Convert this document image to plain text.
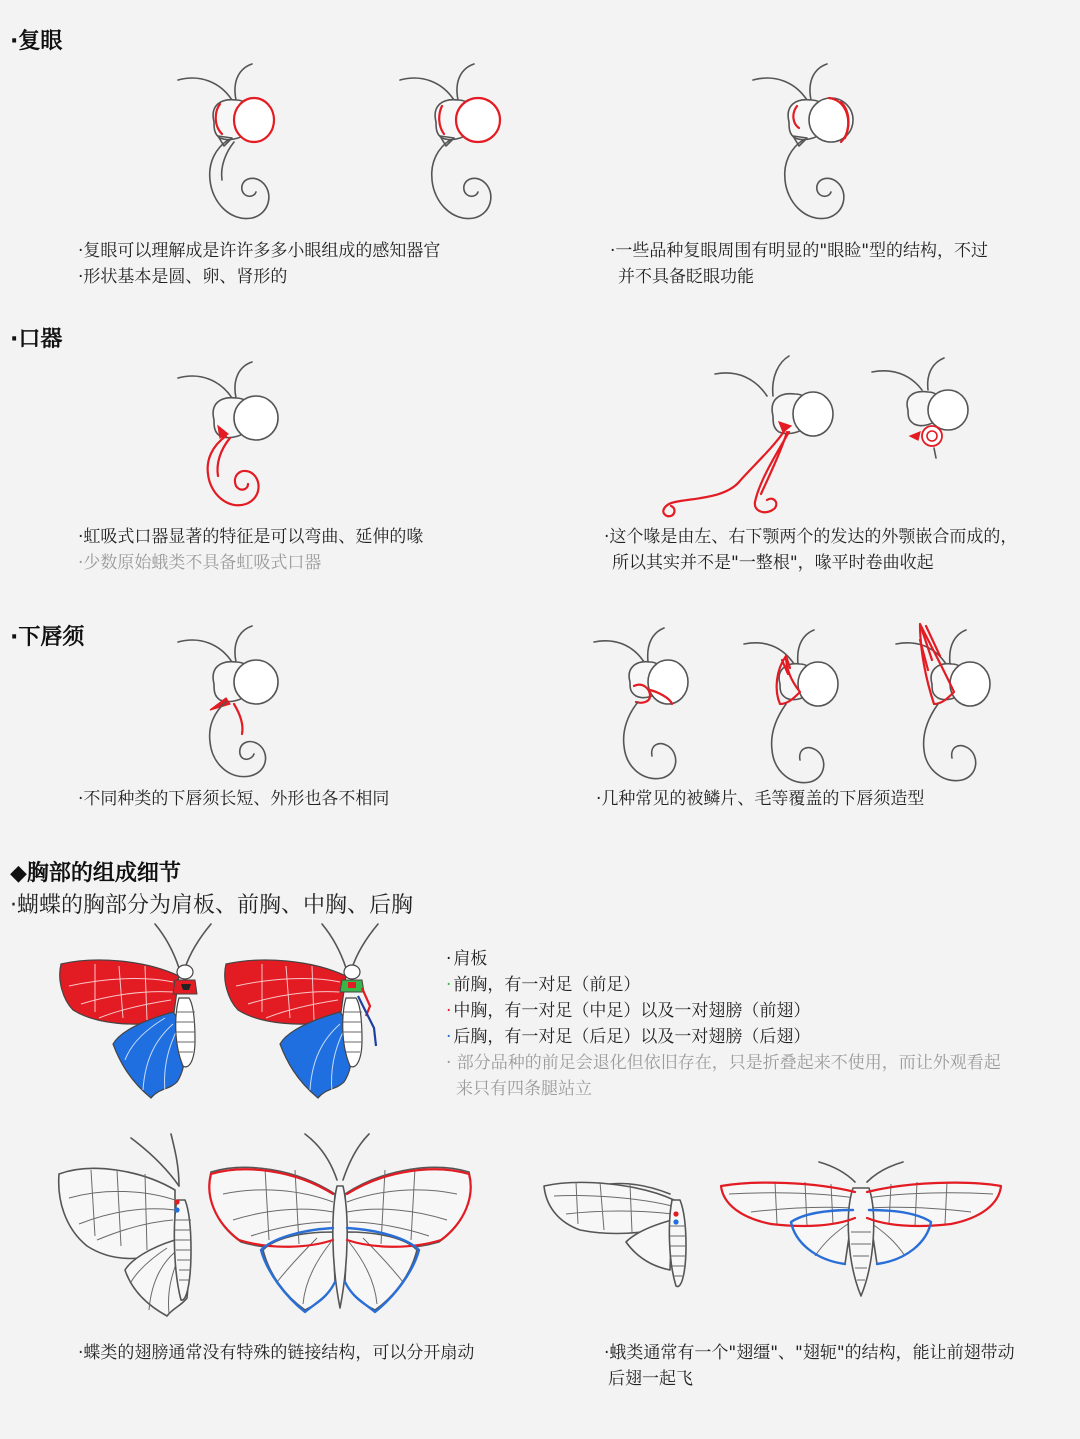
·复眼
·复眼可以理解成是许许多多小眼组成的感知器官
·形状基本是圆、卵、肾形的
·一些品种复眼周围有明显的"眼睑"型的结构，不过
并不具备眨眼功能
·口器
·虹吸式口器显著的特征是可以弯曲、延伸的喙
·少数原始蛾类不具备虹吸式口器
·这个喙是由左、右下颚两个的发达的外颚嵌合而成的，
所以其实并不是"一整根"，喙平时卷曲收起
·下唇须
·不同种类的下唇须长短、外形也各不相同	·几种常见的被鳞片、毛等覆盖的下唇须造型
◆胸部的组成细节
·蝴蝶的胸部分为肩板、前胸、中胸、后胸
· 肩板
· 前胸，有一对足（前足）
· 中胸，有一对足（中足）以及一对翅膀（前翅）
· 后胸，有一对足（后足）以及一对翅膀（后翅）
· 部分品种的前足会退化但依旧存在，只是折叠起来不使用，而让外观看起
来只有四条腿站立
·蝶类的翅膀通常没有特殊的链接结构，可以分开扇动	·蛾类通常有一个"翅缰"、"翅轭"的结构，能让前翅带动
后翅一起飞
